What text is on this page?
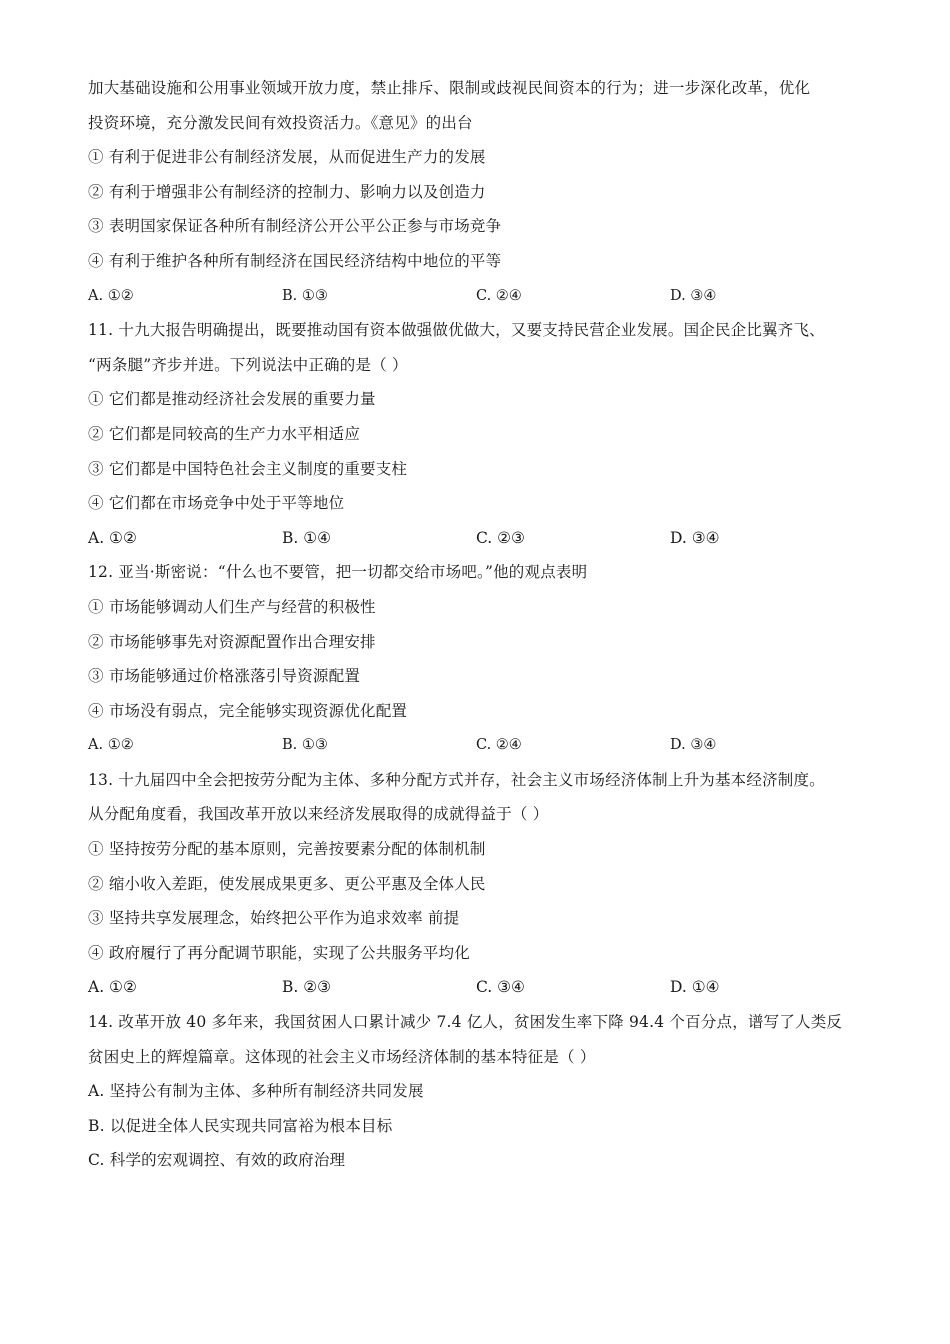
加大基础设施和公用事业领域开放力度，禁止排斥、限制或歧视民间资本的行为；进一步深化改革，优化
投资环境，充分激发民间有效投资活力。《意见》的出台
① 有利于促进非公有制经济发展，从而促进生产力的发展
② 有利于增强非公有制经济的控制力、影响力以及创造力
③ 表明国家保证各种所有制经济公开公平公正参与市场竞争
④ 有利于维护各种所有制经济在国民经济结构中地位的平等
A. ①②	B. ①③	C. ②④	D. ③④
11. 十九大报告明确提出，既要推动国有资本做强做优做大，又要支持民营企业发展。国企民企比翼齐飞、
“两条腿”齐步并进。下列说法中正确的是（ ）
① 它们都是推动经济社会发展的重要力量
② 它们都是同较高的生产力水平相适应
③ 它们都是中国特色社会主义制度的重要支柱
④ 它们都在市场竞争中处于平等地位
A. ①②	B. ①④	C. ②③	D. ③④
12. 亚当·斯密说：“什么也不要管，把一切都交给市场吧。”他的观点表明
① 市场能够调动人们生产与经营的积极性
② 市场能够事先对资源配置作出合理安排
③ 市场能够通过价格涨落引导资源配置
④ 市场没有弱点，完全能够实现资源优化配置
A. ①②	B. ①③	C. ②④	D. ③④
13. 十九届四中全会把按劳分配为主体、多种分配方式并存，社会主义市场经济体制上升为基本经济制度。
从分配角度看，我国改革开放以来经济发展取得的成就得益于（ ）
① 坚持按劳分配的基本原则，完善按要素分配的体制机制
② 缩小收入差距，使发展成果更多、更公平惠及全体人民
③ 坚持共享发展理念，始终把公平作为追求效率 前提
④ 政府履行了再分配调节职能，实现了公共服务平均化
A. ①②	B. ②③	C. ③④	D. ①④
14. 改革开放 40 多年来，我国贫困人口累计减少 7.4 亿人，贫困发生率下降 94.4 个百分点，谱写了人类反
贫困史上的辉煌篇章。这体现的社会主义市场经济体制的基本特征是（ ）
A. 坚持公有制为主体、多种所有制经济共同发展
B. 以促进全体人民实现共同富裕为根本目标
C. 科学的宏观调控、有效的政府治理
